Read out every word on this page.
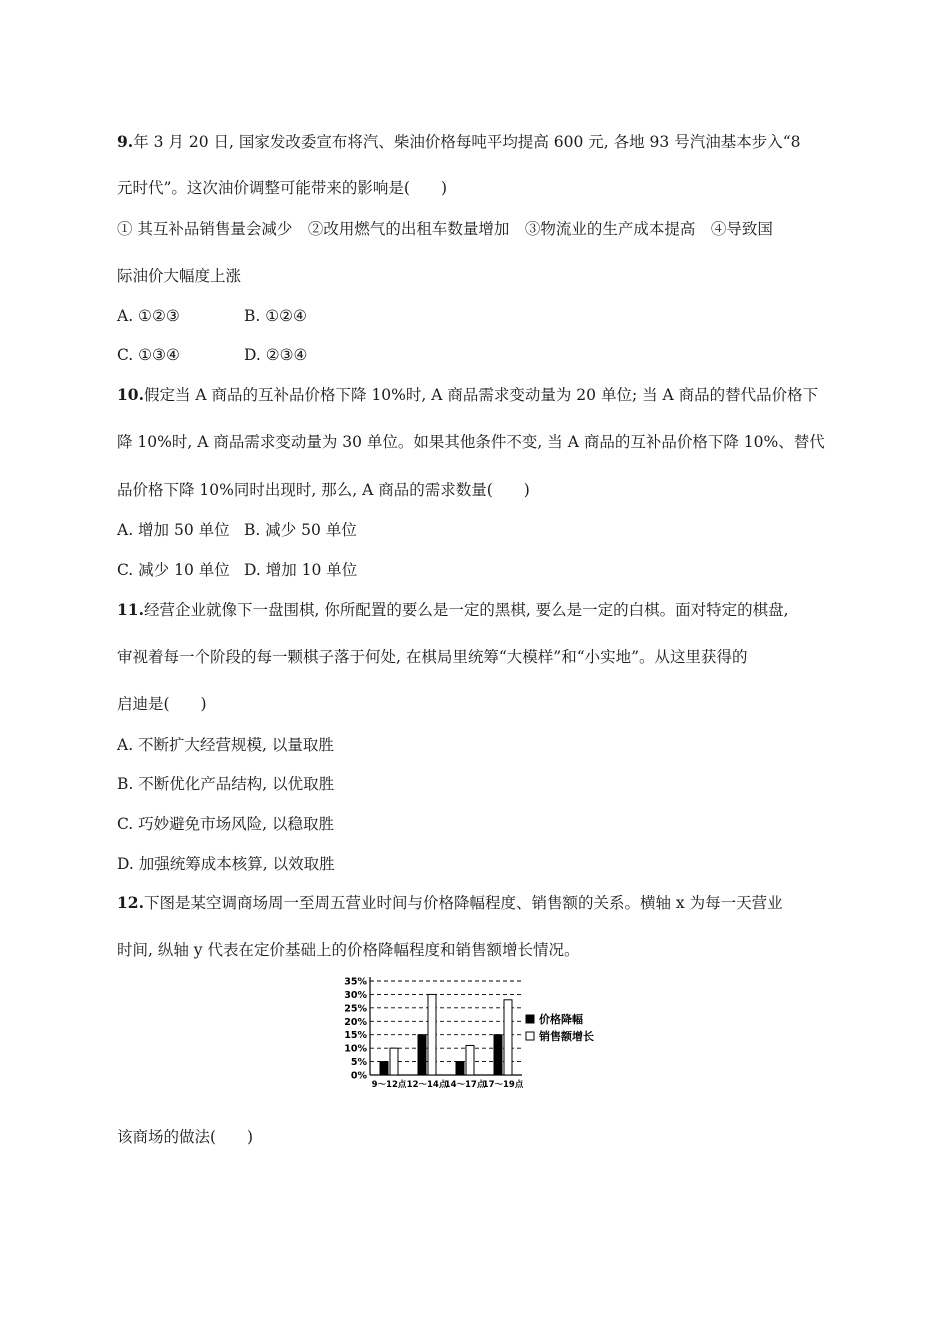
9.年 3 月 20 日, 国家发改委宣布将汽、柴油价格每吨平均提高 600 元, 各地 93 号汽油基本步入“8
元时代”。这次油价调整可能带来的影响是(　　)
① 其互补品销售量会减少　②改用燃气的出租车数量增加　③物流业的生产成本提高　④导致国
际油价大幅度上涨
A. ①②③	B. ①②④
C. ①③④	D. ②③④
10.假定当 A 商品的互补品价格下降 10%时, A 商品需求变动量为 20 单位; 当 A 商品的替代品价格下
降 10%时, A 商品需求变动量为 30 单位。如果其他条件不变, 当 A 商品的互补品价格下降 10%、替代
品价格下降 10%同时出现时, 那么, A 商品的需求数量(　　)
A. 增加 50 单位 B. 减少 50 单位
C. 减少 10 单位 D. 增加 10 单位
11.经营企业就像下一盘围棋, 你所配置的要么是一定的黑棋, 要么是一定的白棋。面对特定的棋盘,
审视着每一个阶段的每一颗棋子落于何处, 在棋局里统筹“大模样”和“小实地”。从这里获得的
启迪是(　　)
A. 不断扩大经营规模, 以量取胜
B. 不断优化产品结构, 以优取胜
C. 巧妙避免市场风险, 以稳取胜
D. 加强统筹成本核算, 以效取胜
12.下图是某空调商场周一至周五营业时间与价格降幅程度、销售额的关系。横轴 x 为每一天营业
时间, 纵轴 y 代表在定价基础上的价格降幅程度和销售额增长情况。
0%
5%
10%
15%
20%
25%
30%
35%
9～12点 12～14点
14～17点
17～19点
价格降幅
销售额增长
该商场的做法(　　)
